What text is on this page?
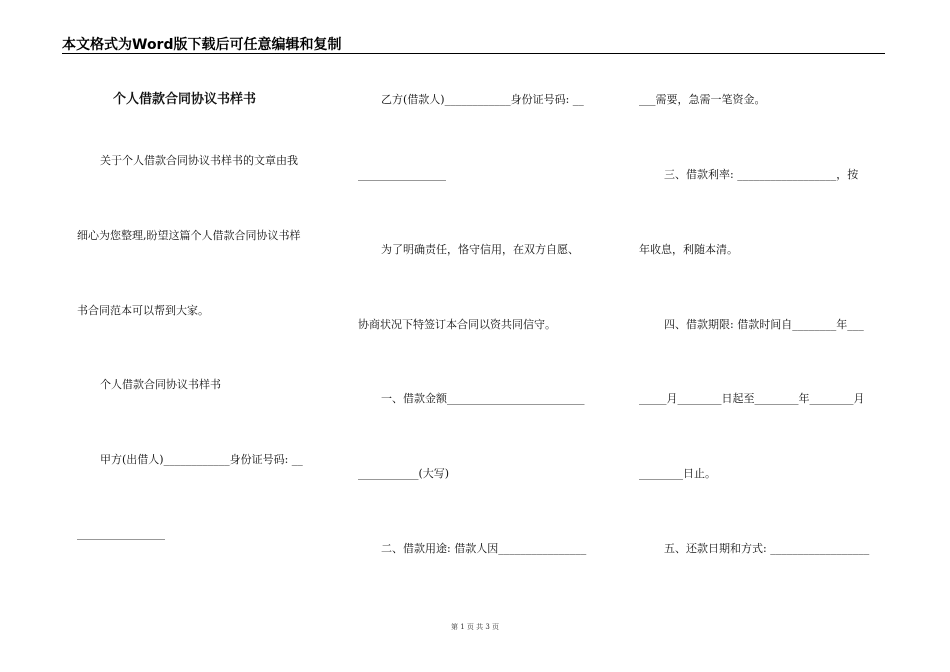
本文格式为Word版下载后可任意编辑和复制
个人借款合同协议书样书
关于个人借款合同协议书样书的文章由我
细心为您整理,盼望这篇个人借款合同协议书样
书合同范本可以帮到大家。
个人借款合同协议书样书
甲方(出借人)____________身份证号码: __
________________
乙方(借款人)____________身份证号码: __
________________
为了明确责任，恪守信用，在双方自愿、
协商状况下特签订本合同以资共同信守。
一、借款金额_________________________
___________(大写)
二、借款用途: 借款人因________________
___需要，急需一笔资金。
三、借款利率: __________________，按
年收息，利随本清。
四、借款期限: 借款时间自________年___
_____月________日起至________年________月
________日止。
五、还款日期和方式: __________________
第 1 页 共 3 页
